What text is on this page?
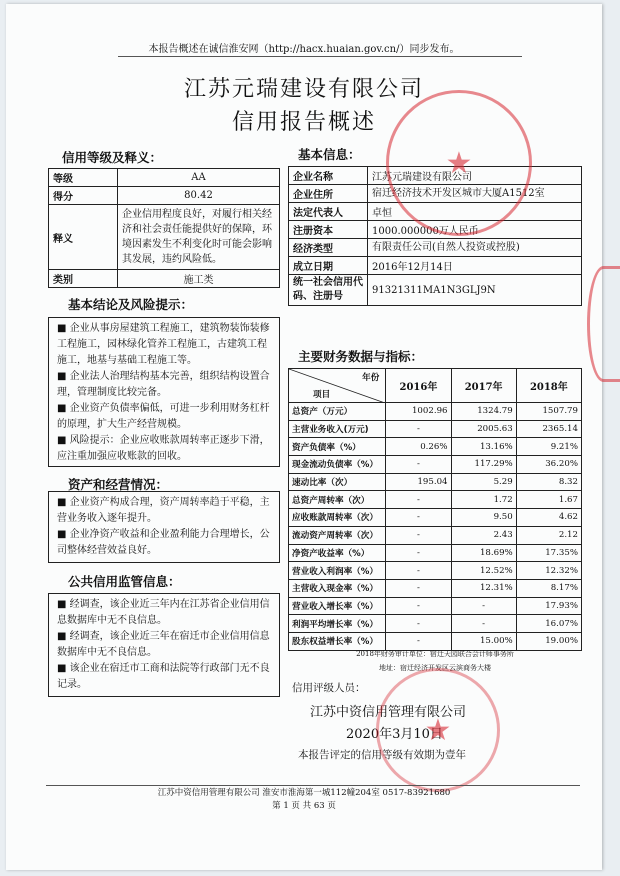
本报告概述在诚信淮安网（http://hacx.huaian.gov.cn/）同步发布。
江苏元瑞建设有限公司
信用报告概述
信用等级及释义：
等级	AA
得分	80.42
释义	企业信用程度良好，对履行相关经济和社会责任能提供好的保障，环境因素发生不利变化时可能会影响其发展，违约风险低。
类别	施工类
基本信息：
企业名称	江苏元瑞建设有限公司
企业住所	宿迁经济技术开发区城市大厦A1512室
法定代表人	卓恒
注册资本	1000.000000万人民币
经济类型	有限责任公司(自然人投资或控股)
成立日期	2016年12月14日
统一社会信用代码、注册号	91321311MA1N3GLJ9N
基本结论及风险提示：

■ 企业从事房屋建筑工程施工，建筑物装饰装修工程施工，园林绿化管养工程施工，古建筑工程施工，地基与基础工程施工等。

■ 企业法人治理结构基本完善，组织结构设置合理，管理制度比较完备。

■ 企业资产负债率偏低，可进一步利用财务杠杆的原理，扩大生产经营规模。

■ 风险提示：企业应收账款周转率正逐步下滑，应注重加强应收账款的回收。

资产和经营情况：

■ 企业资产构成合理，资产周转率趋于平稳，主营业务收入逐年提升。

■ 企业净资产收益和企业盈利能力合理增长，公司整体经营效益良好。

公共信用监管信息：

■ 经调查，该企业近三年内在江苏省企业信用信息数据库中无不良信息。

■ 经调查，该企业近三年在宿迁市企业信用信息数据库中无不良信息。

■ 该企业在宿迁市工商和法院等行政部门无不良记录。

主要财务数据与指标：
年份
项目	2016年	2017年	2018年
总资产（万元）	1002.96	1324.79	1507.79
主营业务收入(万元)	-	2005.63	2365.14
资产负债率（%）	0.26%	13.16%	9.21%
现金流动负债率（%）	-	117.29%	36.20%
速动比率（次）	195.04	5.29	8.32
总资产周转率（次）	-	1.72	1.67
应收账款周转率（次）	-	9.50	4.62
流动资产周转率（次）	-	2.43	2.12
净资产收益率（%）	-	18.69%	17.35%
营业收入利润率（%）	-	12.52%	12.32%
主营收入现金率（%）	-	12.31%	8.17%
营业收入增长率（%）	-	-	17.93%
利润平均增长率（%）	-	-	16.07%
股东权益增长率（%）	-	15.00%	19.00%
2018年财务审计单位：宿迁天园联合会计师事务所
地址：宿迁经济开发区云滨商务大楼
信用评级人员：
江苏中资信用管理有限公司
2020年3月10日
本报告评定的信用等级有效期为壹年
★
★
江苏中资信用管理有限公司 淮安市淮海第一城112幢204室 0517-83921680
第 1 页 共 63 页
